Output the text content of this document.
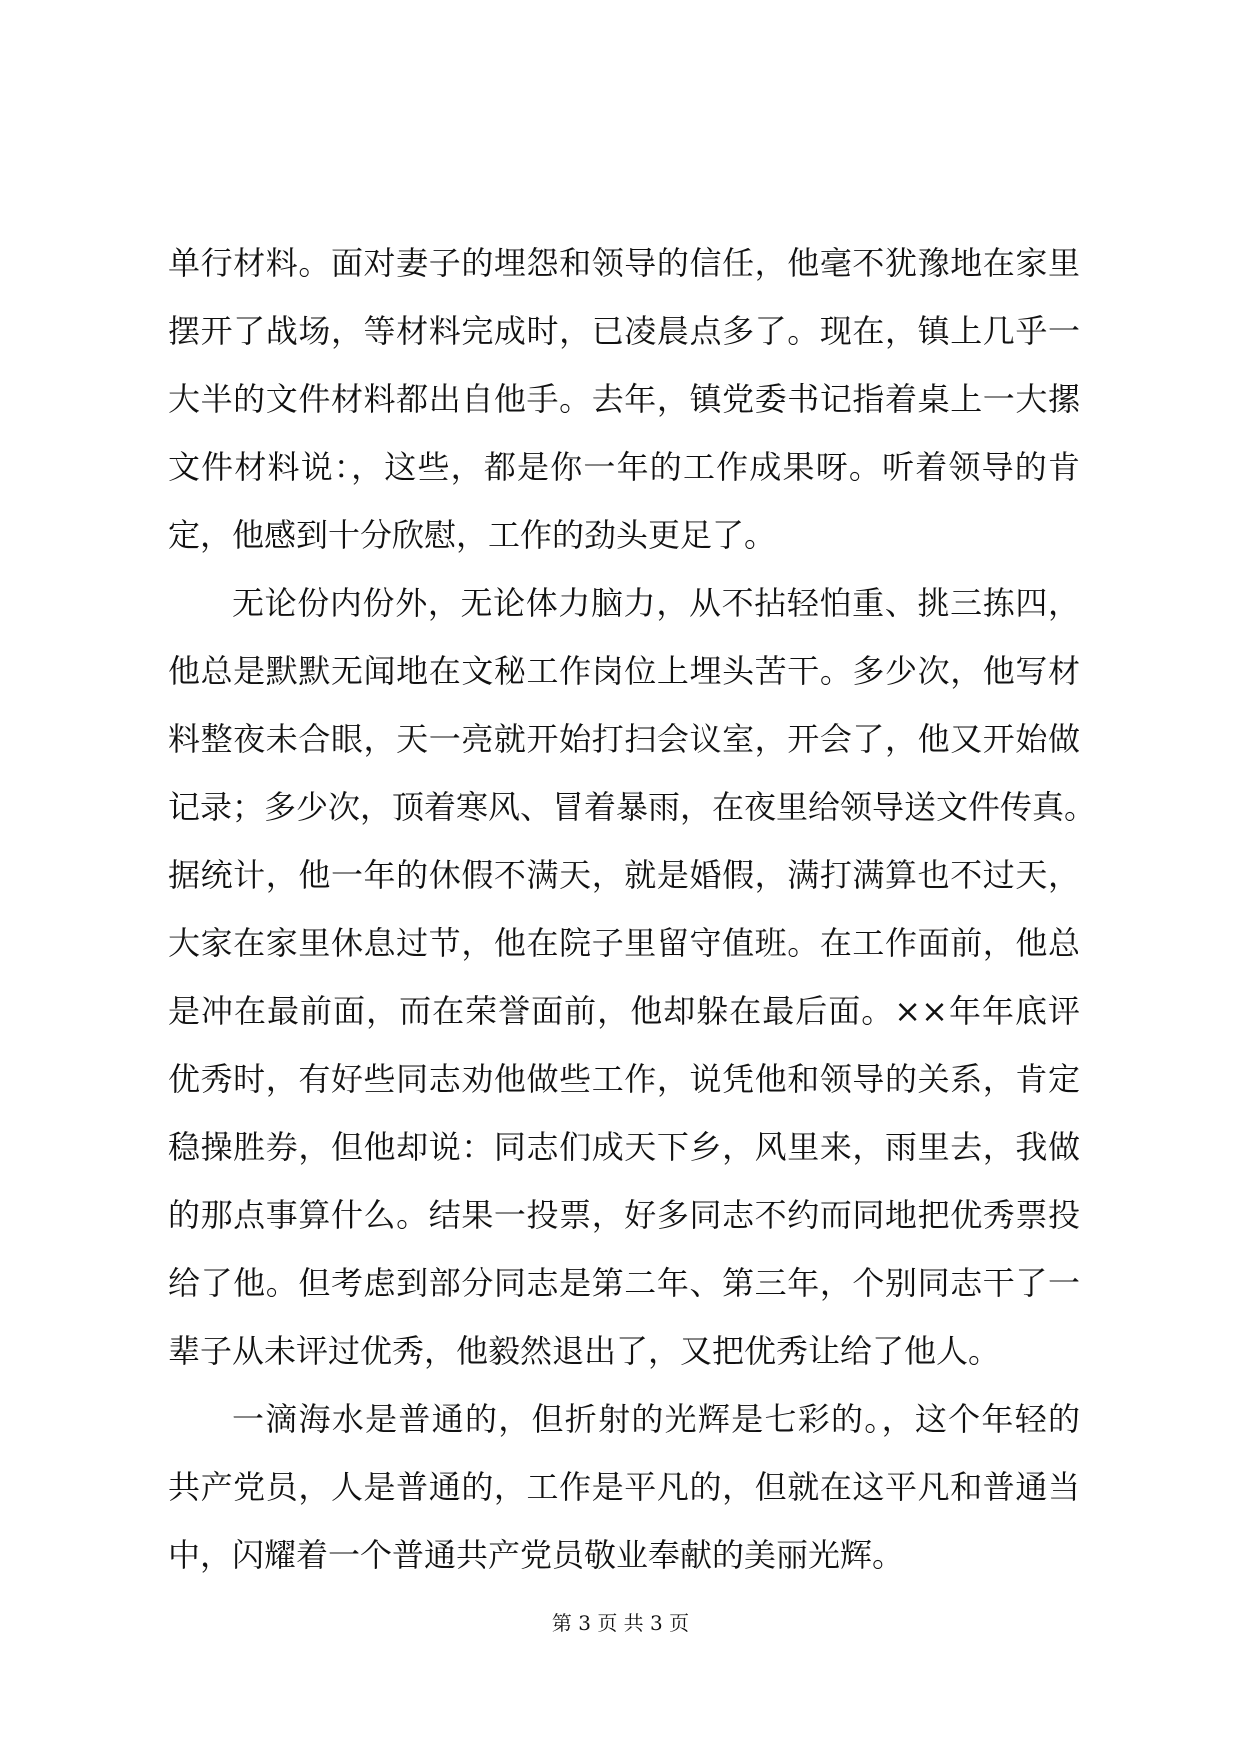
单行材料。面对妻子的埋怨和领导的信任，他毫不犹豫地在家里
摆开了战场，等材料完成时，已凌晨点多了。现在，镇上几乎一
大半的文件材料都出自他手。去年，镇党委书记指着桌上一大摞
文件材料说：，这些，都是你一年的工作成果呀。听着领导的肯
定，他感到十分欣慰，工作的劲头更足了。
无论份内份外，无论体力脑力，从不拈轻怕重、挑三拣四，
他总是默默无闻地在文秘工作岗位上埋头苦干。多少次，他写材
料整夜未合眼，天一亮就开始打扫会议室，开会了，他又开始做
记录；多少次，顶着寒风、冒着暴雨，在夜里给领导送文件传真。
据统计，他一年的休假不满天，就是婚假，满打满算也不过天，
大家在家里休息过节，他在院子里留守值班。在工作面前，他总
是冲在最前面，而在荣誉面前，他却躲在最后面。××年年底评
优秀时，有好些同志劝他做些工作，说凭他和领导的关系，肯定
稳操胜券，但他却说：同志们成天下乡，风里来，雨里去，我做
的那点事算什么。结果一投票，好多同志不约而同地把优秀票投
给了他。但考虑到部分同志是第二年、第三年，个别同志干了一
辈子从未评过优秀，他毅然退出了，又把优秀让给了他人。
一滴海水是普通的，但折射的光辉是七彩的。，这个年轻的
共产党员，人是普通的，工作是平凡的，但就在这平凡和普通当
中，闪耀着一个普通共产党员敬业奉献的美丽光辉。
第 3 页 共 3 页
